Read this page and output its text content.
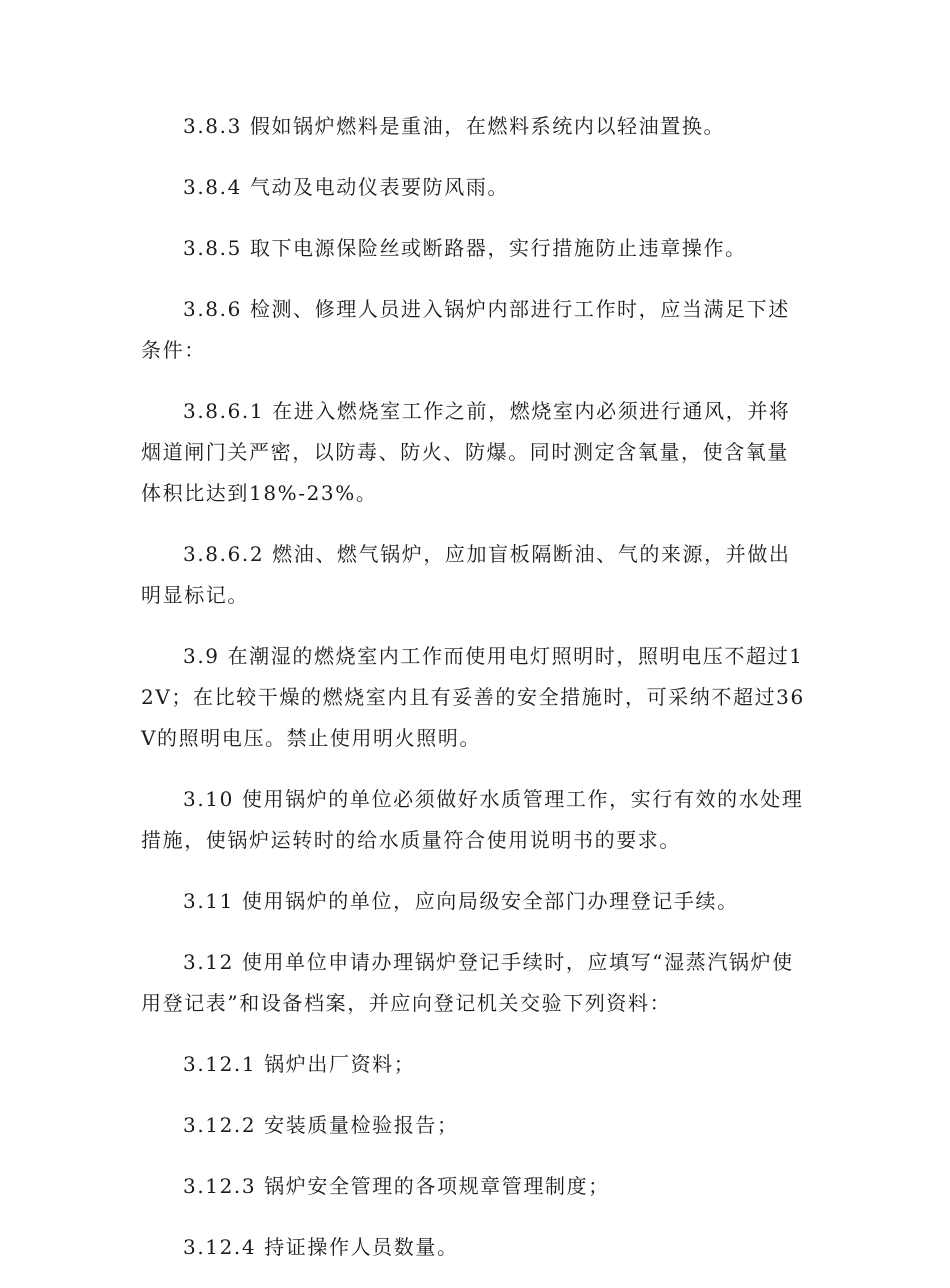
3.8.3 假如锅炉燃料是重油，在燃料系统内以轻油置换。

3.8.4 气动及电动仪表要防风雨。

3.8.5 取下电源保险丝或断路器，实行措施防止违章操作。

3.8.6 检测、修理人员进入锅炉内部进行工作时，应当满足下述条件：

3.8.6.1 在进入燃烧室工作之前，燃烧室内必须进行通风，并将烟道闸门关严密，以防毒、防火、防爆。同时测定含氧量，使含氧量体积比达到18%-23%。

3.8.6.2 燃油、燃气锅炉，应加盲板隔断油、气的来源，并做出明显标记。

3.9 在潮湿的燃烧室内工作而使用电灯照明时，照明电压不超过12V；在比较干燥的燃烧室内且有妥善的安全措施时，可采纳不超过36V的照明电压。禁止使用明火照明。

3.10 使用锅炉的单位必须做好水质管理工作，实行有效的水处理措施，使锅炉运转时的给水质量符合使用说明书的要求。

3.11 使用锅炉的单位，应向局级安全部门办理登记手续。

3.12 使用单位申请办理锅炉登记手续时，应填写“湿蒸汽锅炉使用登记表”和设备档案，并应向登记机关交验下列资料：

3.12.1 锅炉出厂资料；

3.12.2 安装质量检验报告；

3.12.3 锅炉安全管理的各项规章管理制度；

3.12.4 持证操作人员数量。
